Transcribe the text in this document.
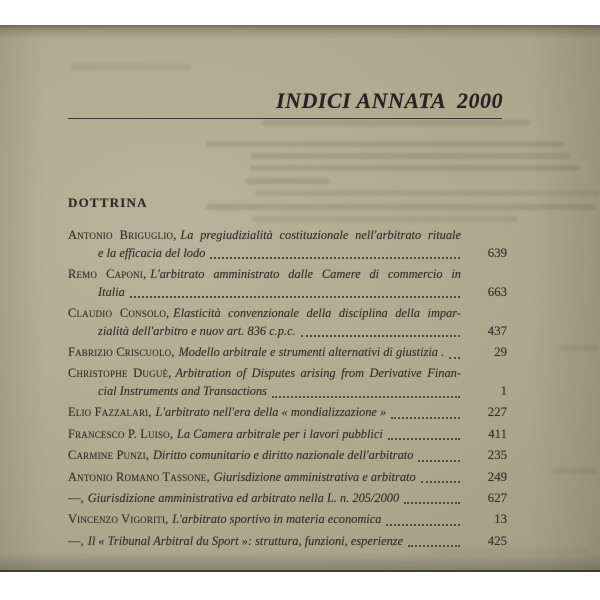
INDICI ANNATA  2000
DOTTRINA
Antonio Briguglio, La pregiudizialità costituzionale nell'arbitrato rituale
e la efficacia del lodo	639
Remo Caponi, L'arbitrato amministrato dalle Camere di commercio in
Italia	663
Claudio Consolo, Elasticità convenzionale della disciplina della impar-
zialità dell'arbitro e nuov art. 836 c.p.c.	437
Fabrizio Criscuolo , Modello arbitrale e strumenti alternativi di giustizia .	29
Christophe Duguè, Arbitration of Disputes arising from Derivative Finan-
cial Instruments and Transactions	1
Elio Fazzalari , L'arbitrato nell'era della « mondializzazione »	227
Francesco P. Luiso , La Camera arbitrale per i lavori pubblici	411
Carmine Punzi , Diritto comunitario e diritto nazionale dell'arbitrato	235
Antonio Romano Tassone , Giurisdizione amministrativa e arbitrato	249
— , Giurisdizione amministrativa ed arbitrato nella L. n. 205/2000	627
Vincenzo Vigoriti , L'arbitrato sportivo in materia economica	13
— , Il « Tribunal Arbitral du Sport »: struttura, funzioni, esperienze	425
